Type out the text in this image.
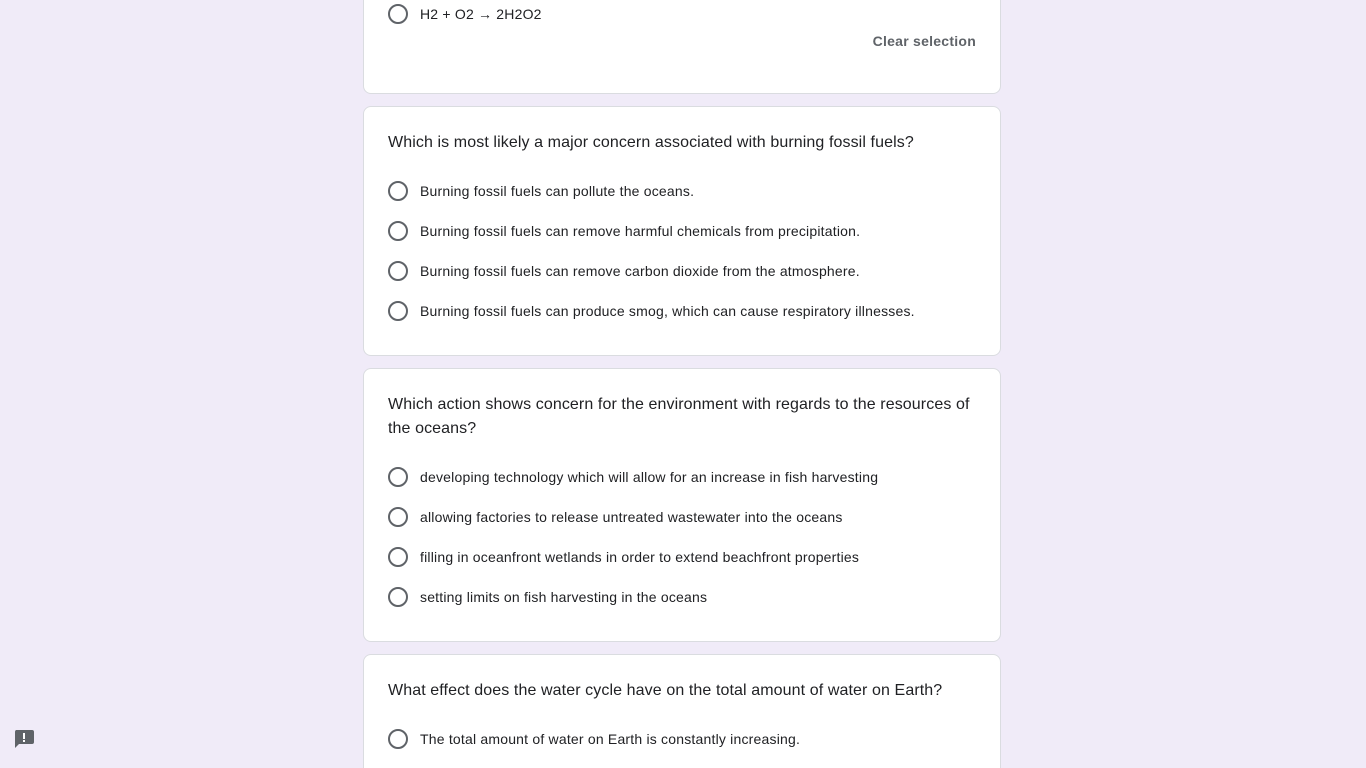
H2 + O2 → 2H2O2
Clear selection
Which is most likely a major concern associated with burning fossil fuels?
Burning fossil fuels can pollute the oceans.
Burning fossil fuels can remove harmful chemicals from precipitation.
Burning fossil fuels can remove carbon dioxide from the atmosphere.
Burning fossil fuels can produce smog, which can cause respiratory illnesses.
Which action shows concern for the environment with regards to the resources of the oceans?
developing technology which will allow for an increase in fish harvesting
allowing factories to release untreated wastewater into the oceans
filling in oceanfront wetlands in order to extend beachfront properties
setting limits on fish harvesting in the oceans
What effect does the water cycle have on the total amount of water on Earth?
The total amount of water on Earth is constantly increasing.
